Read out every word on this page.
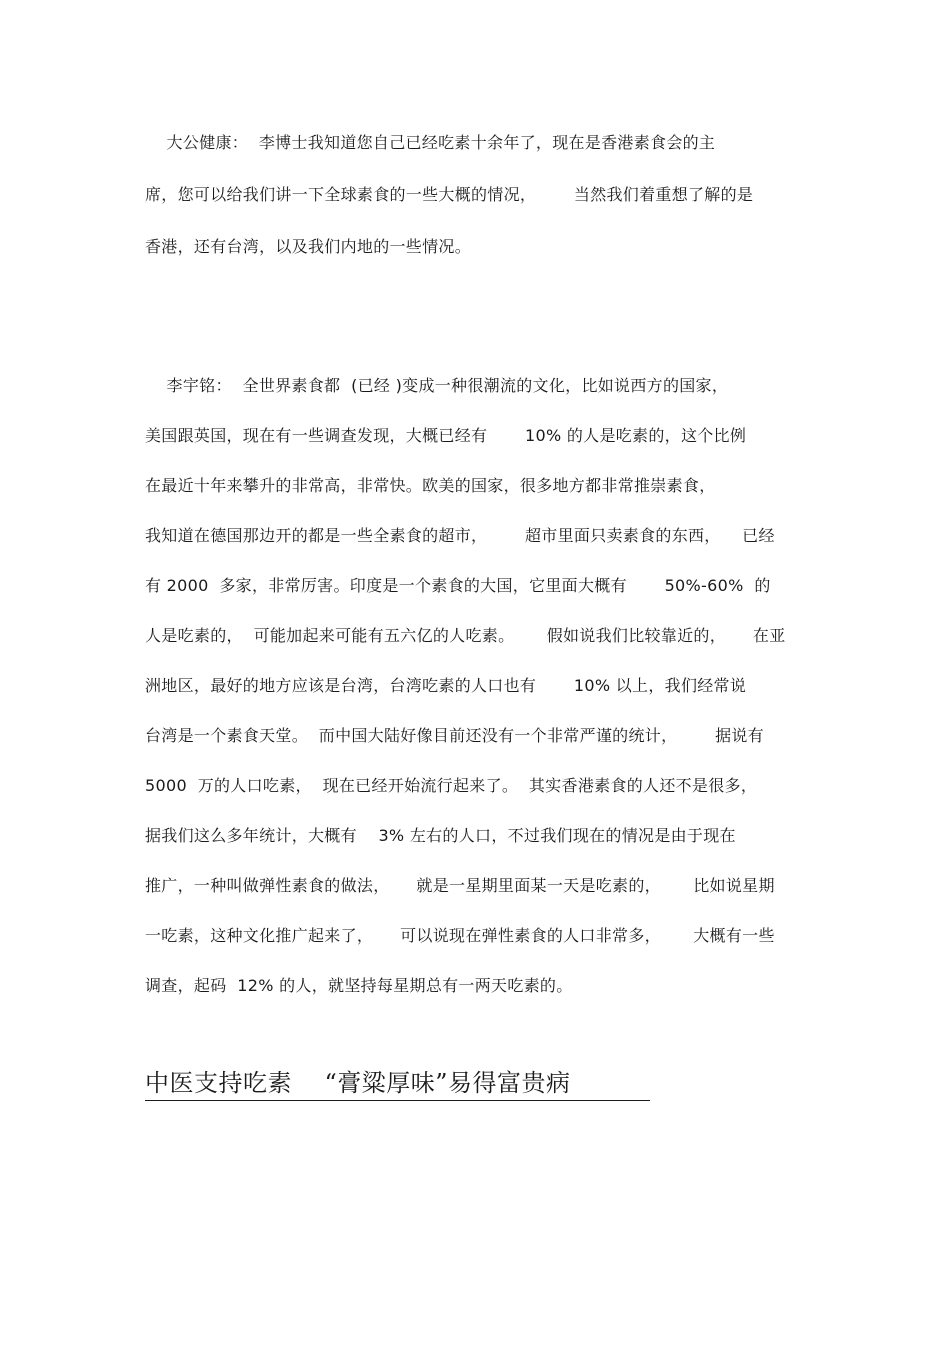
大公健康：  李博士我知道您自己已经吃素十余年了，现在是香港素食会的主
席，您可以给我们讲一下全球素食的一些大概的情况，       当然我们着重想了解的是
香港，还有台湾，以及我们内地的一些情况。
李宇铭：  全世界素食都  (已经 )变成一种很潮流的文化，比如说西方的国家，
美国跟英国，现在有一些调查发现，大概已经有       10% 的人是吃素的，这个比例
在最近十年来攀升的非常高，非常快。欧美的国家，很多地方都非常推崇素食，
我知道在德国那边开的都是一些全素食的超市，       超市里面只卖素食的东西，    已经
有 2000  多家，非常厉害。印度是一个素食的大国，它里面大概有       50%-60%  的
人是吃素的，  可能加起来可能有五六亿的人吃素。      假如说我们比较靠近的，     在亚
洲地区，最好的地方应该是台湾，台湾吃素的人口也有       10% 以上，我们经常说
台湾是一个素食天堂。  而中国大陆好像目前还没有一个非常严谨的统计，       据说有
5000  万的人口吃素，  现在已经开始流行起来了。  其实香港素食的人还不是很多，
据我们这么多年统计，大概有    3% 左右的人口，不过我们现在的情况是由于现在
推广，一种叫做弹性素食的做法，     就是一星期里面某一天是吃素的，      比如说星期
一吃素，这种文化推广起来了，     可以说现在弹性素食的人口非常多，      大概有一些
调查，起码  12% 的人，就坚持每星期总有一两天吃素的。
中医支持吃素    “膏粱厚味”易得富贵病
